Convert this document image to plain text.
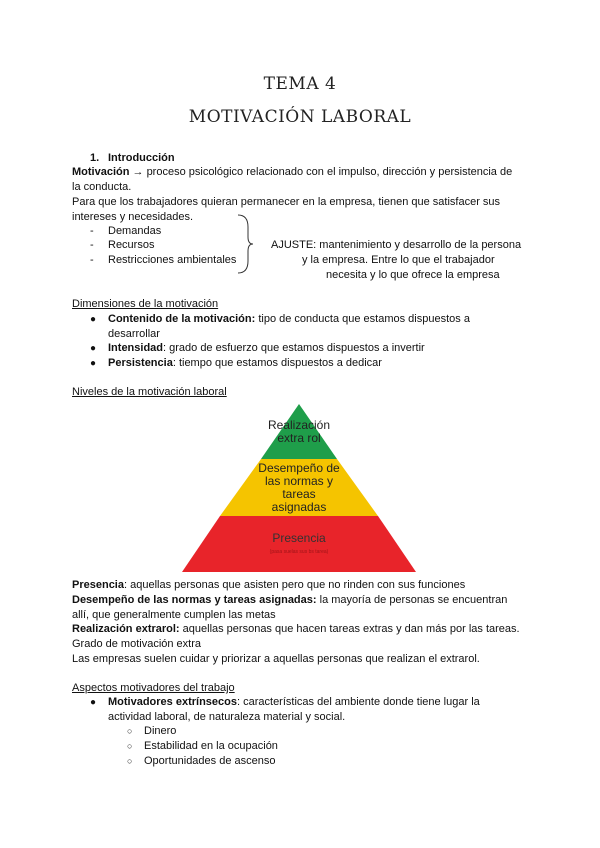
TEMA 4
MOTIVACIÓN LABORAL
1. Introducción
Motivación → proceso psicológico relacionado con el impulso, dirección y persistencia de
la conducta.
Para que los trabajadores quieran permanecer en la empresa, tienen que satisfacer sus
intereses y necesidades.
- Demandas
- Recursos
- Restricciones ambientales
AJUSTE: mantenimiento y desarrollo de la persona
y la empresa. Entre lo que el trabajador
necesita y lo que ofrece la empresa
Dimensiones de la motivación
● Contenido de la motivación: tipo de conducta que estamos dispuestos a
desarrollar
● Intensidad: grado de esfuerzo que estamos dispuestos a invertir
● Persistencia: tiempo que estamos dispuestos a dedicar
Niveles de la motivación laboral
Realización
extra rol
Desempeño de
las normas y
tareas
asignadas
Presencia
(pasa suelas sus bs tarea)
Presencia: aquellas personas que asisten pero que no rinden con sus funciones
Desempeño de las normas y tareas asignadas: la mayoría de personas se encuentran
allí, que generalmente cumplen las metas
Realización extrarol: aquellas personas que hacen tareas extras y dan más por las tareas.
Grado de motivación extra
Las empresas suelen cuidar y priorizar a aquellas personas que realizan el extrarol.
Aspectos motivadores del trabajo
● Motivadores extrínsecos: características del ambiente donde tiene lugar la
actividad laboral, de naturaleza material y social.
○ Dinero
○ Estabilidad en la ocupación
○ Oportunidades de ascenso
